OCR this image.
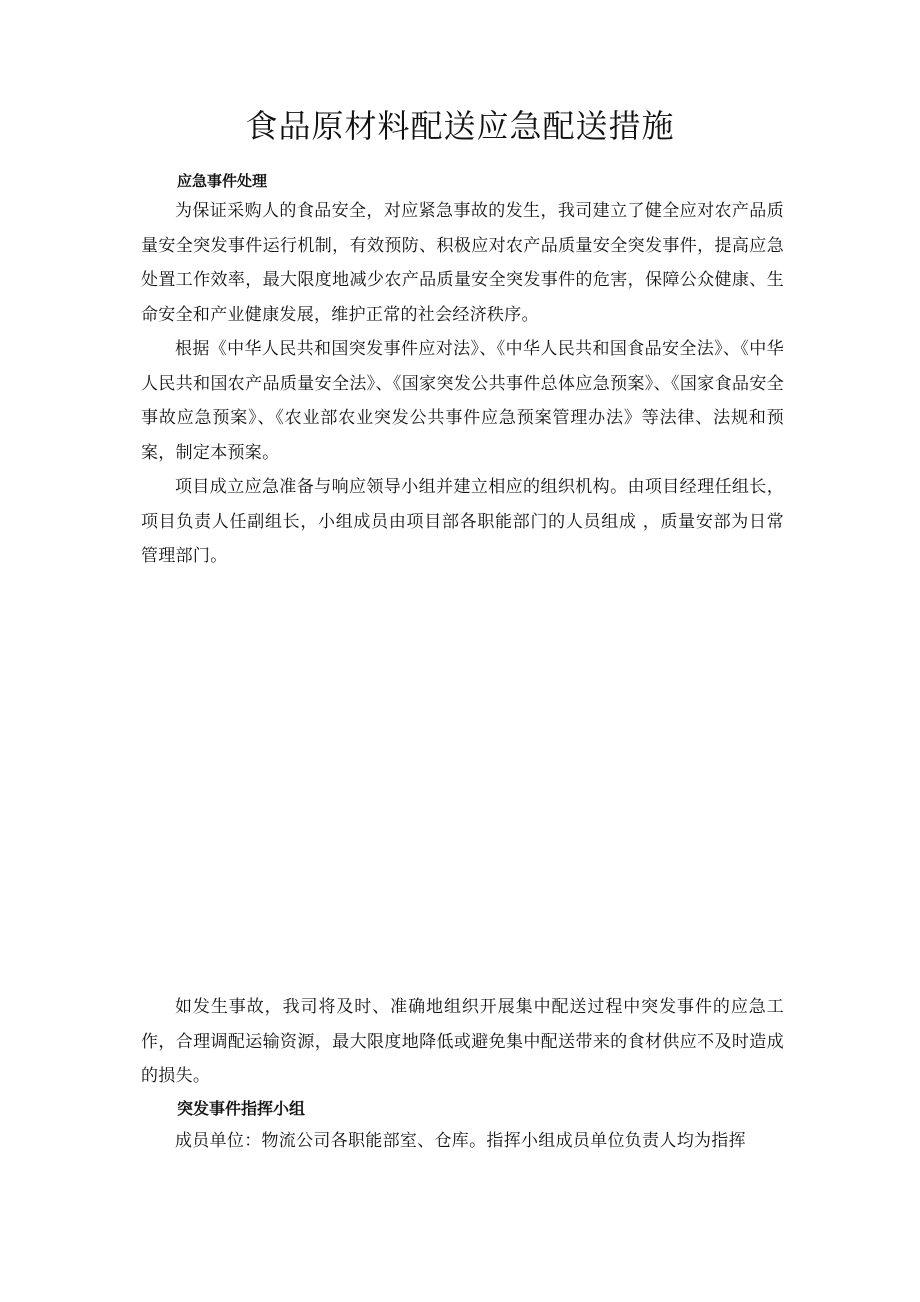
食品原材料配送应急配送措施

应急事件处理

为保证采购人的食品安全，对应紧急事故的发生，我司建立了健全应对农产品质量安全突发事件运行机制，有效预防、积极应对农产品质量安全突发事件，提高应急处置工作效率，最大限度地减少农产品质量安全突发事件的危害，保障公众健康、生命安全和产业健康发展，维护正常的社会经济秩序。

根据《中华人民共和国突发事件应对法》、《中华人民共和国食品安全法》、《中华人民共和国农产品质量安全法》、《国家突发公共事件总体应急预案》、《国家食品安全事故应急预案》、《农业部农业突发公共事件应急预案管理办法》等法律、法规和预案，制定本预案。

项目成立应急准备与响应领导小组并建立相应的组织机构。由项目经理任组长，项目负责人任副组长，小组成员由项目部各职能部门的人员组成 ，质量安部为日常管理部门。

如发生事故，我司将及时、准确地组织开展集中配送过程中突发事件的应急工作，合理调配运输资源，最大限度地降低或避免集中配送带来的食材供应不及时造成的损失。

突发事件指挥小组

成员单位：物流公司各职能部室、仓库。指挥小组成员单位负责人均为指挥
